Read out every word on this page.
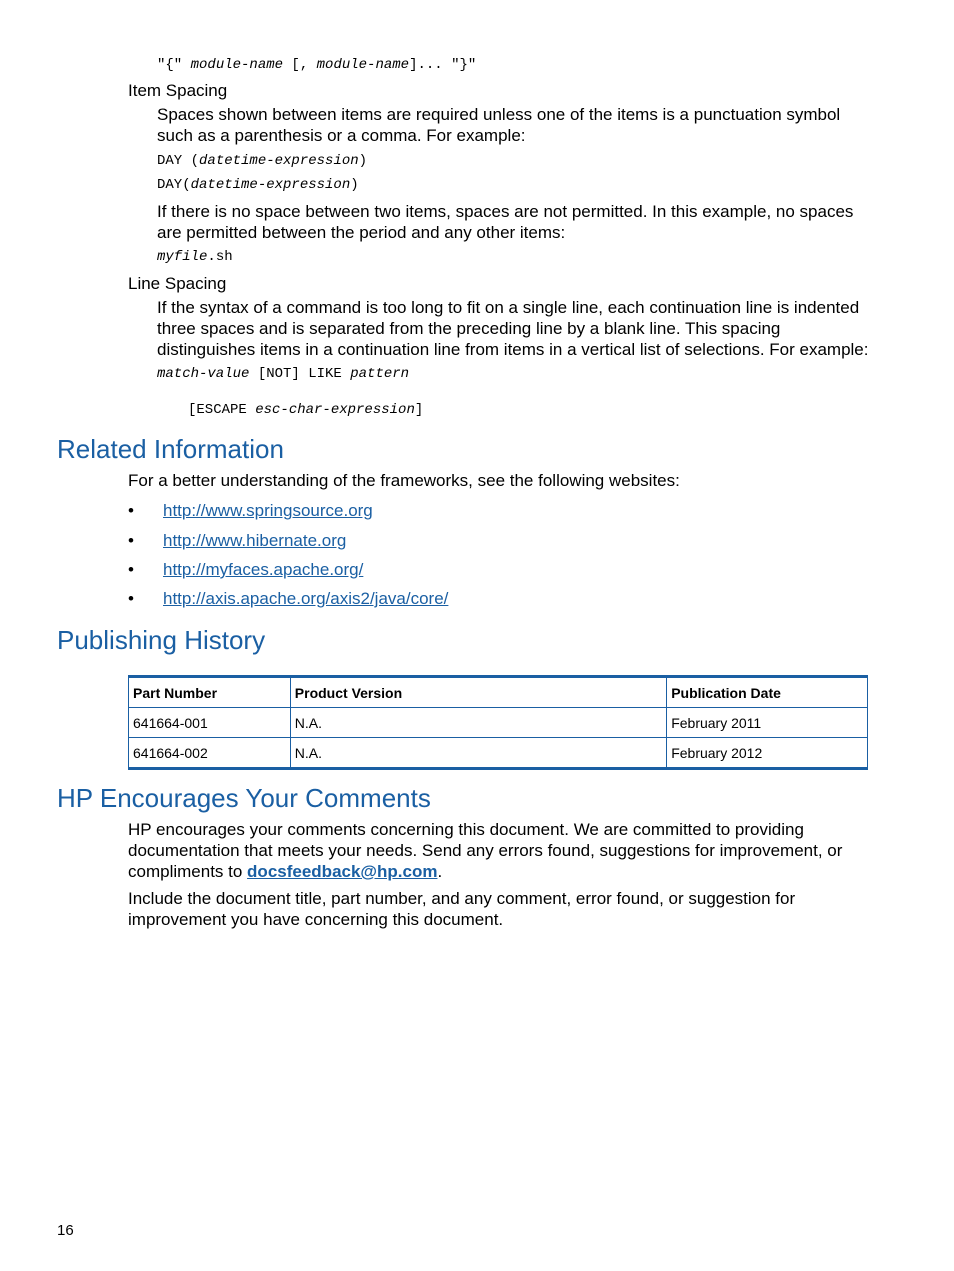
"{" module-name [, module-name]... "}"
Item Spacing
Spaces shown between items are required unless one of the items is a punctuation symbol such as a parenthesis or a comma. For example:
DAY (datetime-expression)
DAY(datetime-expression)
If there is no space between two items, spaces are not permitted. In this example, no spaces are permitted between the period and any other items:
myfile.sh
Line Spacing
If the syntax of a command is too long to fit on a single line, each continuation line is indented three spaces and is separated from the preceding line by a blank line. This spacing distinguishes items in a continuation line from items in a vertical list of selections. For example:
match-value [NOT] LIKE pattern
[ESCAPE esc-char-expression]
Related Information
For a better understanding of the frameworks, see the following websites:
• http://www.springsource.org
• http://www.hibernate.org
• http://myfaces.apache.org/
• http://axis.apache.org/axis2/java/core/
Publishing History
Part Number	Product Version	Publication Date
641664-001	N.A.	February 2011
641664-002	N.A.	February 2012
HP Encourages Your Comments
HP encourages your comments concerning this document. We are committed to providing documentation that meets your needs. Send any errors found, suggestions for improvement, or compliments to docsfeedback@hp.com.
Include the document title, part number, and any comment, error found, or suggestion for improvement you have concerning this document.
16
